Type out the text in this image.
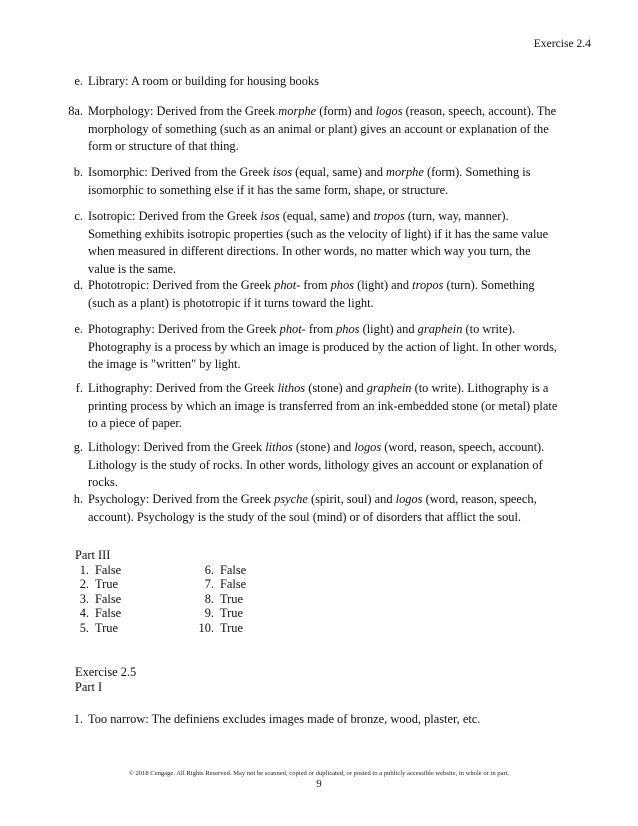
Exercise 2.4
e. Library: A room or building for housing books
8a. Morphology: Derived from the Greek morphe (form) and logos (reason, speech, account). The morphology of something (such as an animal or plant) gives an account or explanation of the form or structure of that thing.
b. Isomorphic: Derived from the Greek isos (equal, same) and morphe (form). Something is isomorphic to something else if it has the same form, shape, or structure.
c. Isotropic: Derived from the Greek isos (equal, same) and tropos (turn, way, manner). Something exhibits isotropic properties (such as the velocity of light) if it has the same value when measured in different directions. In other words, no matter which way you turn, the value is the same.
d. Phototropic: Derived from the Greek phot- from phos (light) and tropos (turn). Something (such as a plant) is phototropic if it turns toward the light.
e. Photography: Derived from the Greek phot- from phos (light) and graphein (to write). Photography is a process by which an image is produced by the action of light. In other words, the image is "written" by light.
f. Lithography: Derived from the Greek lithos (stone) and graphein (to write). Lithography is a printing process by which an image is transferred from an ink-embedded stone (or metal) plate to a piece of paper.
g. Lithology: Derived from the Greek lithos (stone) and logos (word, reason, speech, account). Lithology is the study of rocks. In other words, lithology gives an account or explanation of rocks.
h. Psychology: Derived from the Greek psyche (spirit, soul) and logos (word, reason, speech, account). Psychology is the study of the soul (mind) or of disorders that afflict the soul.
Part III
1. False	6. False
2. True	7. False
3. False	8. True
4. False	9. True
5. True	10. True
Exercise 2.5
Part I
1. Too narrow: The definiens excludes images made of bronze, wood, plaster, etc.
© 2018 Cengage. All Rights Reserved. May not be scanned, copied or duplicated, or posted to a publicly accessible website, in whole or in part.
9
